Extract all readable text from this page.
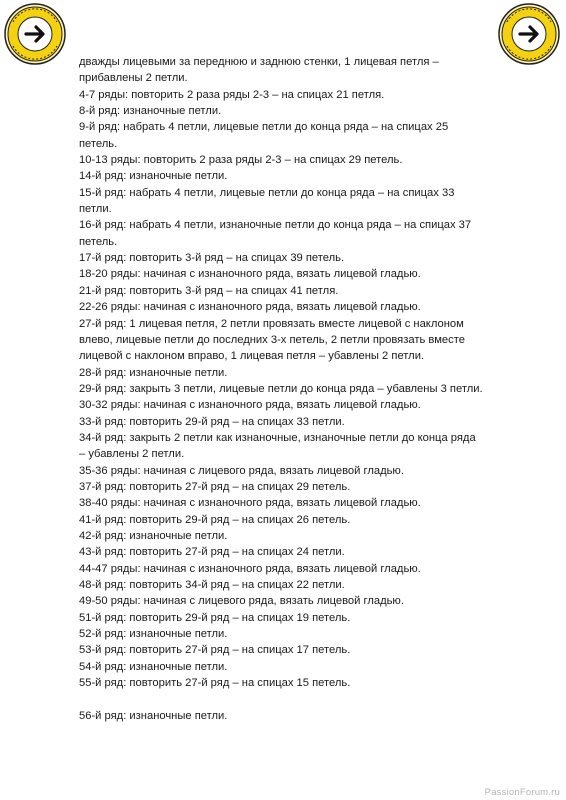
дважды лицевыми за переднюю и заднюю стенки, 1 лицевая петля –

прибавлены 2 петли.

4-7 ряды: повторить 2 раза ряды 2-3 – на спицах 21 петля.

8-й ряд: изнаночные петли.

9-й ряд: набрать 4 петли, лицевые петли до конца ряда – на спицах 25

петель.

10-13 ряды: повторить 2 раза ряды 2-3 – на спицах 29 петель.

14-й ряд: изнаночные петли.

15-й ряд: набрать 4 петли, лицевые петли до конца ряда – на спицах 33

петли.

16-й ряд: набрать 4 петли, изнаночные петли до конца ряда – на спицах 37

петель.

17-й ряд: повторить 3-й ряд – на спицах 39 петель.

18-20 ряды: начиная с изнаночного ряда, вязать лицевой гладью.

21-й ряд: повторить 3-й ряд – на спицах 41 петля.

22-26 ряды: начиная с изнаночного ряда, вязать лицевой гладью.

27-й ряд: 1 лицевая петля, 2 петли провязать вместе лицевой с наклоном

влево, лицевые петли до последних 3-х петель, 2 петли провязать вместе

лицевой с наклоном вправо, 1 лицевая петля – убавлены 2 петли.

28-й ряд: изнаночные петли.

29-й ряд: закрыть 3 петли, лицевые петли до конца ряда – убавлены 3 петли.

30-32 ряды: начиная с изнаночного ряда, вязать лицевой гладью.

33-й ряд: повторить 29-й ряд – на спицах 33 петли.

34-й ряд: закрыть 2 петли как изнаночные, изнаночные петли до конца ряда

– убавлены 2 петли.

35-36 ряды: начиная с лицевого ряда, вязать лицевой гладью.

37-й ряд: повторить 27-й ряд – на спицах 29 петель.

38-40 ряды: начиная с изнаночного ряда, вязать лицевой гладью.

41-й ряд: повторить 29-й ряд – на спицах 26 петель.

42-й ряд: изнаночные петли.

43-й ряд: повторить 27-й ряд – на спицах 24 петли.

44-47 ряды: начиная с изнаночного ряда, вязать лицевой гладью.

48-й ряд: повторить 34-й ряд – на спицах 22 петли.

49-50 ряды: начиная с лицевого ряда, вязать лицевой гладью.

51-й ряд: повторить 29-й ряд – на спицах 19 петель.

52-й ряд: изнаночные петли.

53-й ряд: повторить 27-й ряд – на спицах 17 петель.

54-й ряд: изнаночные петли.

55-й ряд: повторить 27-й ряд – на спицах 15 петель.

56-й ряд: изнаночные петли.

PassionForum.ru
